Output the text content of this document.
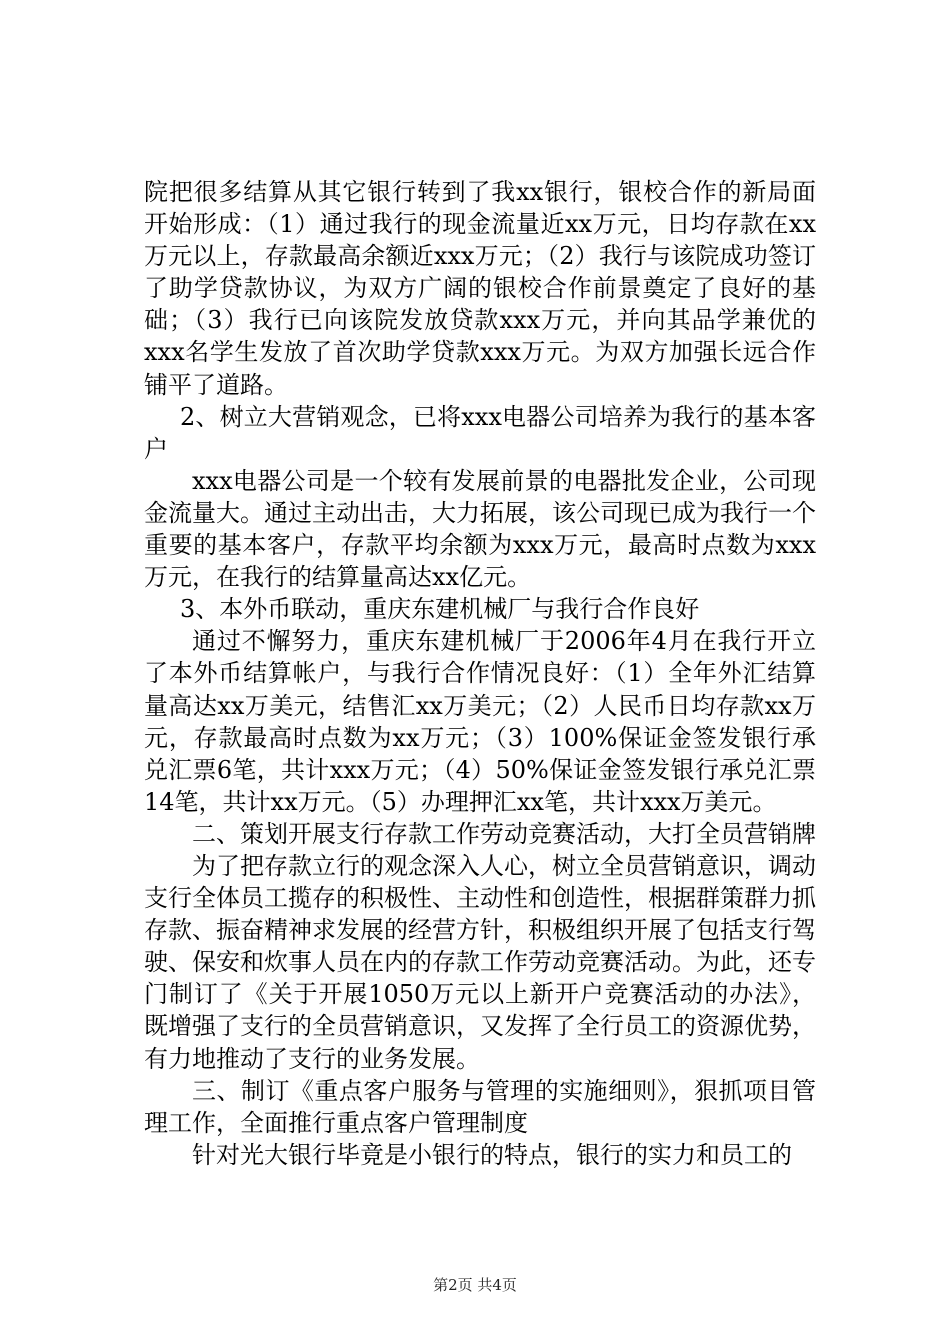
院把很多结算从其它银行转到了我xx银行，银校合作的新局面开始形成：（1）通过我行的现金流量近xx万元，日均存款在xx万元以上，存款最高余额近xxx万元；（2）我行与该院成功签订了助学贷款协议，为双方广阔的银校合作前景奠定了良好的基础；（3）我行已向该院发放贷款xxx万元，并向其品学兼优的xxx名学生发放了首次助学贷款xxx万元。为双方加强长远合作铺平了道路。

2、树立大营销观念，已将xxx电器公司培养为我行的基本客户

xxx电器公司是一个较有发展前景的电器批发企业，公司现金流量大。通过主动出击，大力拓展，该公司现已成为我行一个重要的基本客户，存款平均余额为xxx万元，最高时点数为xxx万元，在我行的结算量高达xx亿元。

3、本外币联动，重庆东建机械厂与我行合作良好

通过不懈努力，重庆东建机械厂于2006年4月在我行开立了本外币结算帐户，与我行合作情况良好：（1）全年外汇结算量高达xx万美元，结售汇xx万美元；（2）人民币日均存款xx万元，存款最高时点数为xx万元；（3）100%保证金签发银行承兑汇票6笔，共计xxx万元；（4）50%保证金签发银行承兑汇票14笔，共计xx万元。（5）办理押汇xx笔，共计xxx万美元。

二、策划开展支行存款工作劳动竞赛活动，大打全员营销牌

为了把存款立行的观念深入人心，树立全员营销意识，调动支行全体员工揽存的积极性、主动性和创造性，根据群策群力抓存款、振奋精神求发展的经营方针，积极组织开展了包括支行驾驶、保安和炊事人员在内的存款工作劳动竞赛活动。为此，还专门制订了《关于开展1050万元以上新开户竞赛活动的办法》，既增强了支行的全员营销意识，又发挥了全行员工的资源优势，有力地推动了支行的业务发展。

三、制订《重点客户服务与管理的实施细则》，狠抓项目管理工作，全面推行重点客户管理制度

针对光大银行毕竟是小银行的特点，银行的实力和员工的

第2页 共4页
